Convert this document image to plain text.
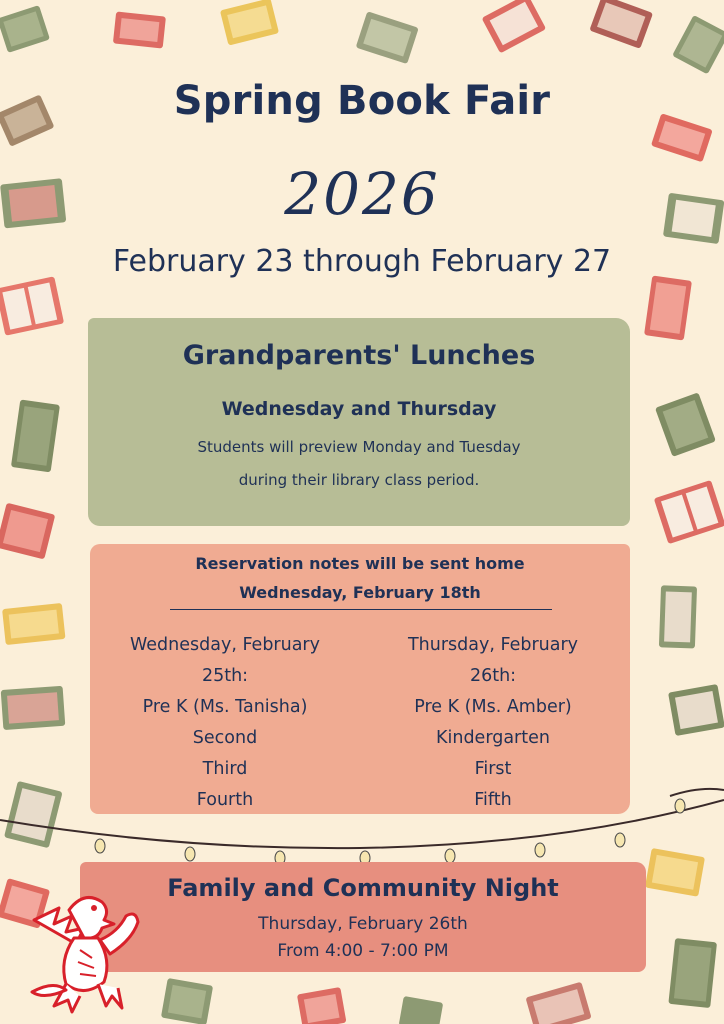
Spring Book Fair
2026
February 23 through February 27
Grandparents' Lunches
Wednesday and Thursday
Students will preview Monday and Tuesday
during their library class period.
Reservation notes will be sent home
Wednesday, February 18th
Wednesday, February
25th:
Pre K (Ms. Tanisha)
Second
Third
Fourth
Thursday, February
26th:
Pre K (Ms. Amber)
Kindergarten
First
Fifth
Family and Community Night
Thursday, February 26th
From 4:00 - 7:00 PM
